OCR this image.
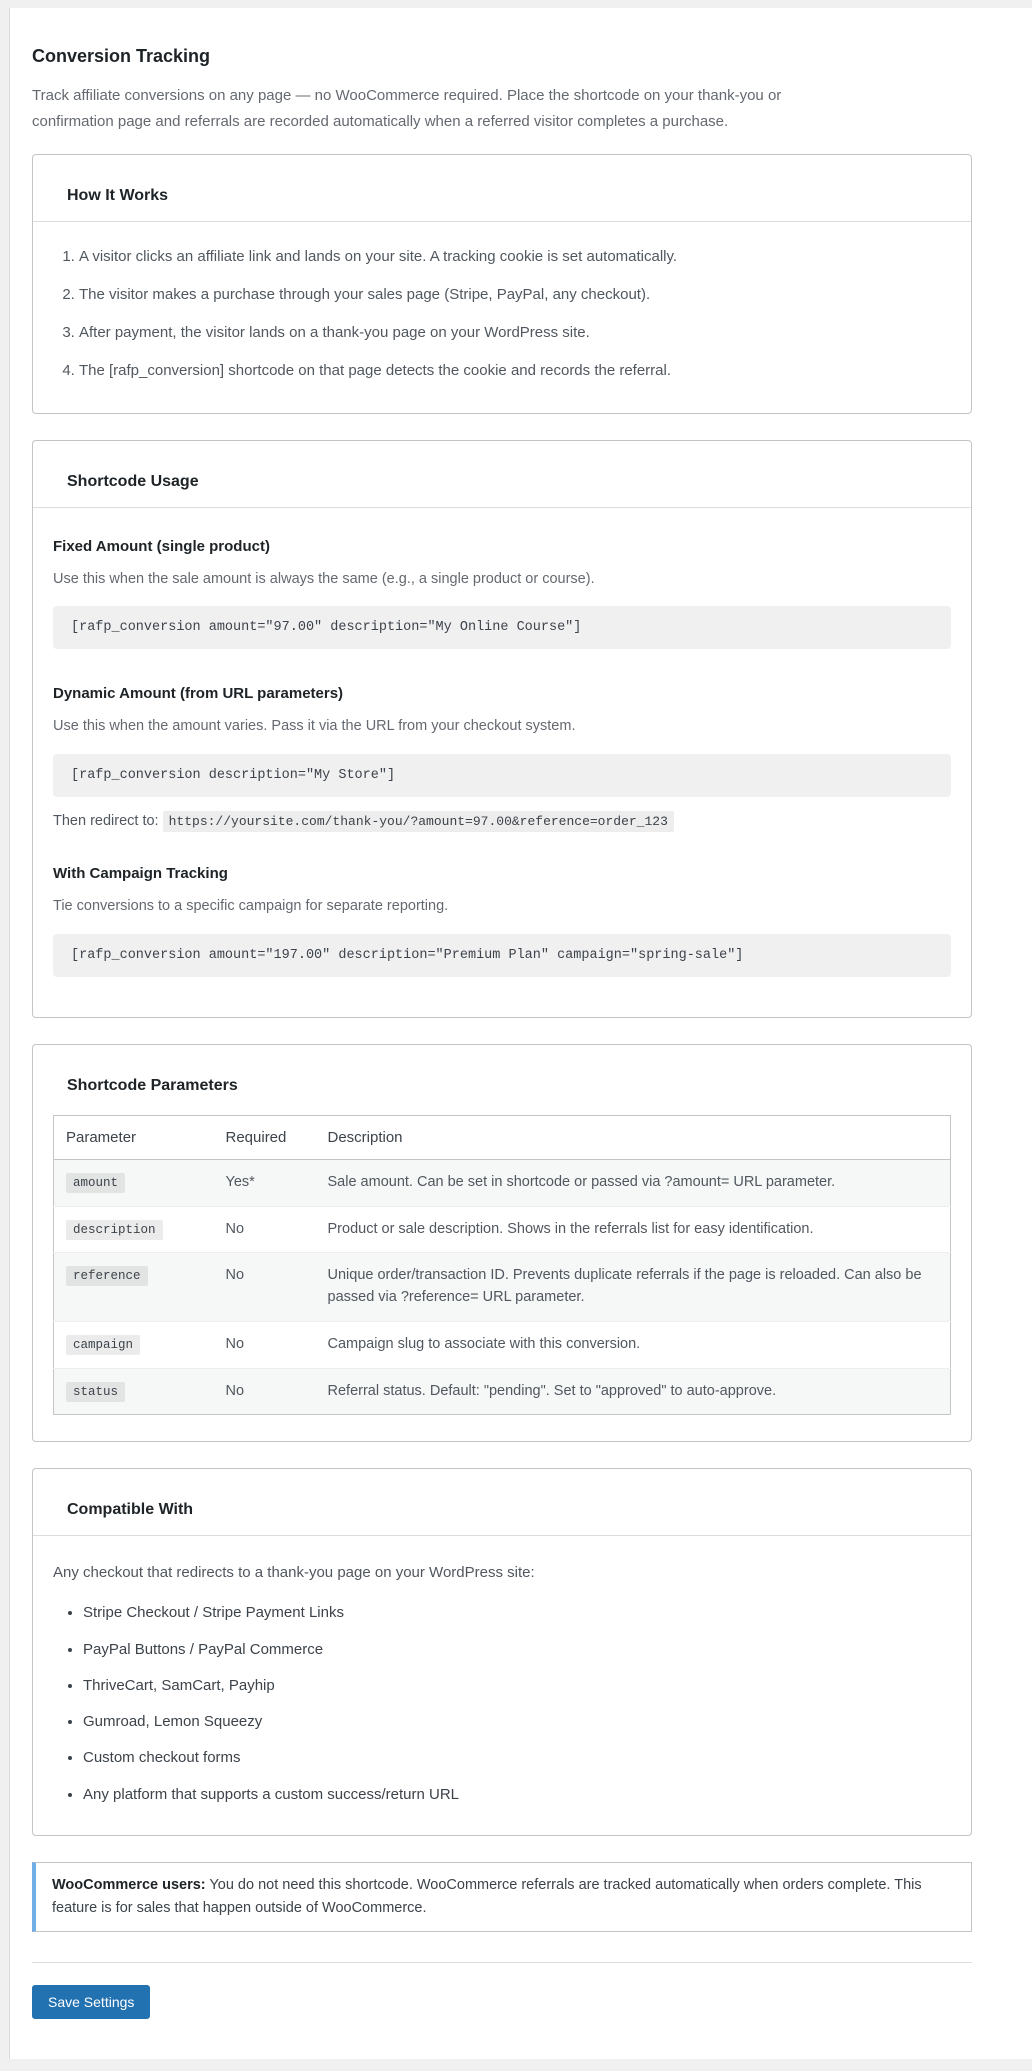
Conversion Tracking

Track affiliate conversions on any page — no WooCommerce required. Place the shortcode on your thank-you or confirmation page and referrals are recorded automatically when a referred visitor completes a purchase.

How It Works
1. A visitor clicks an affiliate link and lands on your site. A tracking cookie is set automatically.
2. The visitor makes a purchase through your sales page (Stripe, PayPal, any checkout).
3. After payment, the visitor lands on a thank-you page on your WordPress site.
4. The [rafp_conversion] shortcode on that page detects the cookie and records the referral.
Shortcode Usage
Fixed Amount (single product)

Use this when the sale amount is always the same (e.g., a single product or course).

[rafp_conversion amount="97.00" description="My Online Course"]
Dynamic Amount (from URL parameters)

Use this when the amount varies. Pass it via the URL from your checkout system.

[rafp_conversion description="My Store"]

Then redirect to: https://yoursite.com/thank-you/?amount=97.00&reference=order_123

With Campaign Tracking

Tie conversions to a specific campaign for separate reporting.

[rafp_conversion amount="197.00" description="Premium Plan" campaign="spring-sale"]
Shortcode Parameters
Parameter	Required	Description
amount	Yes*	Sale amount. Can be set in shortcode or passed via ?amount= URL parameter.
description	No	Product or sale description. Shows in the referrals list for easy identification.
reference	No	Unique order/transaction ID. Prevents duplicate referrals if the page is reloaded. Can also be passed via ?reference= URL parameter.
campaign	No	Campaign slug to associate with this conversion.
status	No	Referral status. Default: "pending". Set to "approved" to auto-approve.
Compatible With

Any checkout that redirects to a thank-you page on your WordPress site:

• Stripe Checkout / Stripe Payment Links
• PayPal Buttons / PayPal Commerce
• ThriveCart, SamCart, Payhip
• Gumroad, Lemon Squeezy
• Custom checkout forms
• Any platform that supports a custom success/return URL

WooCommerce users: You do not need this shortcode. WooCommerce referrals are tracked automatically when orders complete. This feature is for sales that happen outside of WooCommerce.

Save Settings
